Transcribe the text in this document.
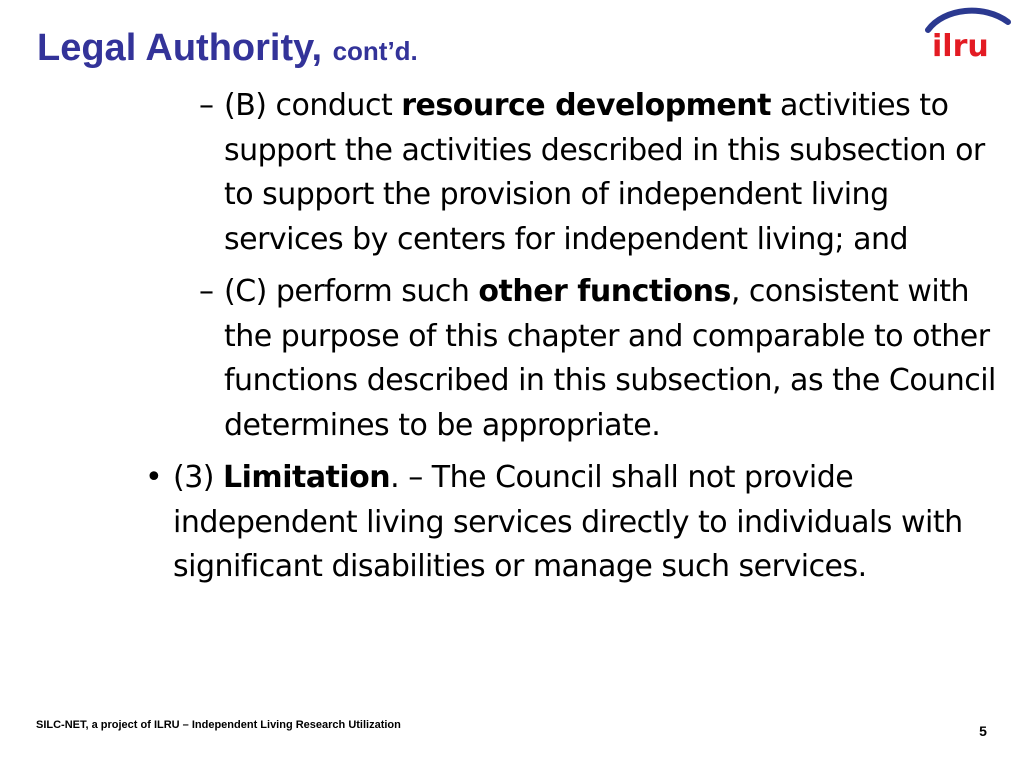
Legal Authority, cont’d.	ilru
– (B) conduct resource development activities to support the activities described in this subsection or to support the provision of independent living services by centers for independent living; and
– (C) perform such other functions, consistent with the purpose of this chapter and comparable to other functions described in this subsection, as the Council determines to be appropriate.
• (3) Limitation. – The Council shall not provide independent living services directly to individuals with significant disabilities or manage such services.
SILC-NET, a project of ILRU – Independent Living Research Utilization	5
